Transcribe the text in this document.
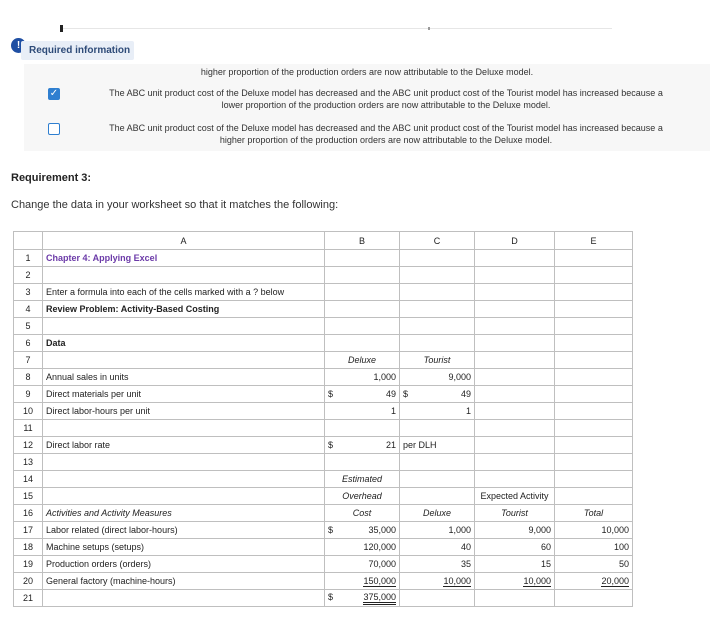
! Required information
higher proportion of the production orders are now attributable to the Deluxe model.
✓	The ABC unit product cost of the Deluxe model has decreased and the ABC unit product cost of the Tourist model has increased because a
lower proportion of the production orders are now attributable to the Deluxe model.
The ABC unit product cost of the Deluxe model has decreased and the ABC unit product cost of the Tourist model has increased because a
higher proportion of the production orders are now attributable to the Deluxe model.
Requirement 3:
Change the data in your worksheet so that it matches the following:
	A	B	C	D	E
1	Chapter 4: Applying Excel				
2					
3	Enter a formula into each of the cells marked with a ? below				
4	Review Problem: Activity-Based Costing				
5					
6	Data				
7		Deluxe	Tourist		
8	Annual sales in units	1,000	9,000		
9	Direct materials per unit	$ 49	$ 49		

10	Direct labor-hours per unit	1	1		
11					
12	Direct labor rate	$ 21	per DLH		
13					
14		Estimated			
15		Overhead		Expected Activity	
16	Activities and Activity Measures	Cost	Deluxe	Tourist	Total
17	Labor related (direct labor-hours)	$ 35,000	1,000	9,000	10,000
18	Machine setups (setups)	120,000	40	60	100
19	Production orders (orders)	70,000	35	15	50
20	General factory (machine-hours)	150,000	10,000	10,000	20,000
21		$ 375,000			
